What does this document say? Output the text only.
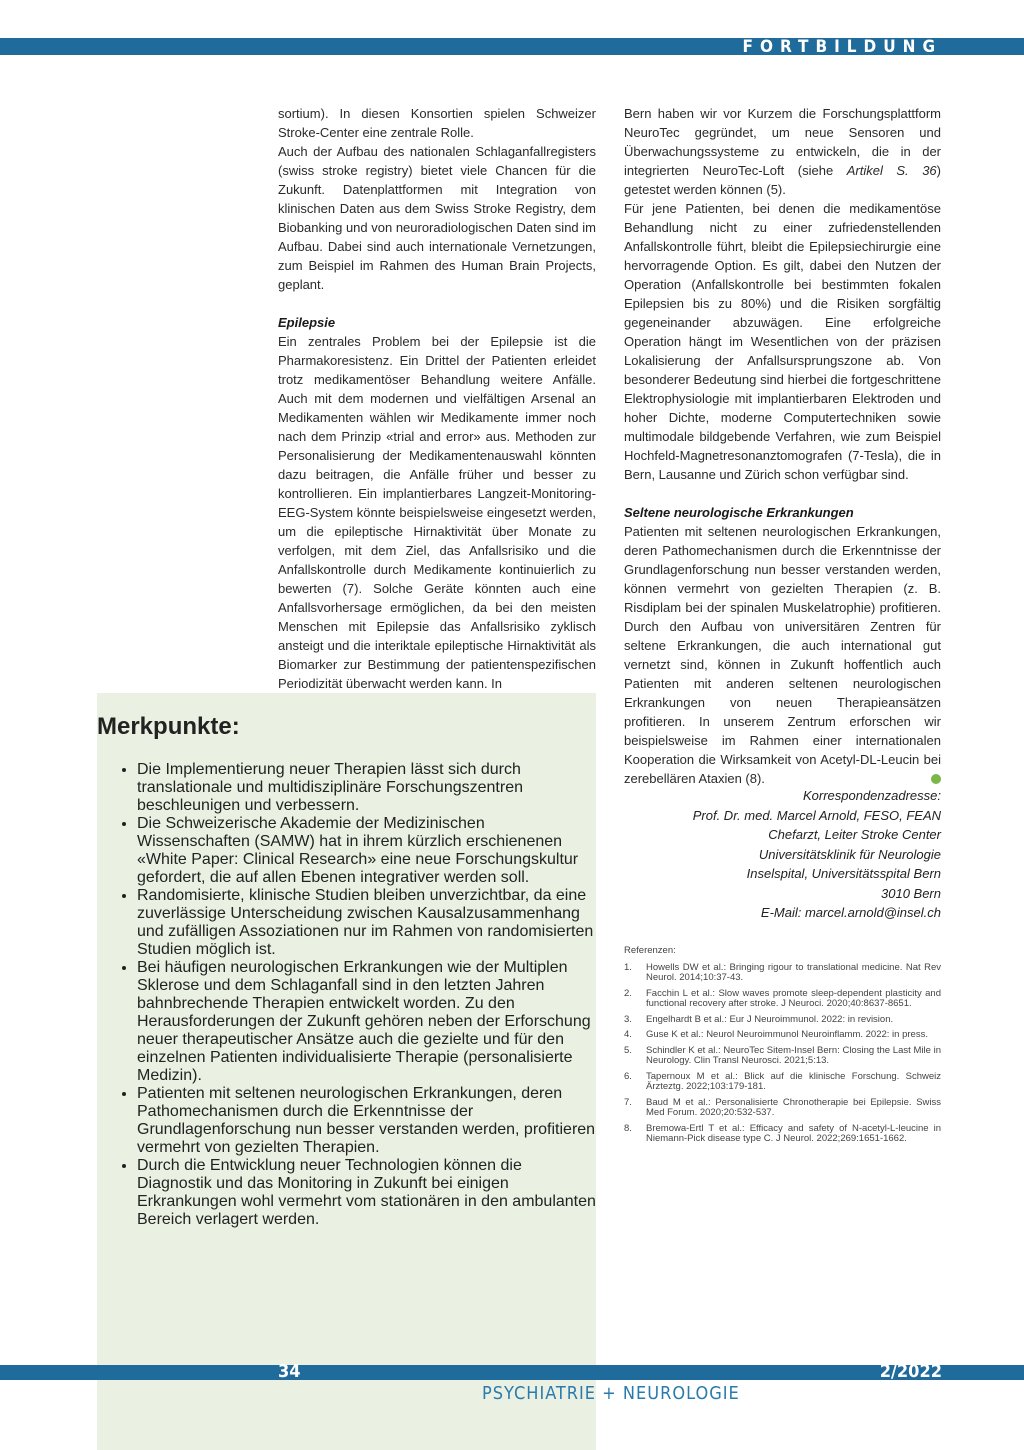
FORTBILDUNG

sortium). In diesen Konsortien spielen Schweizer Stroke-Center eine zentrale Rolle.

Auch der Aufbau des nationalen Schlaganfallregisters (swiss stroke registry) bietet viele Chancen für die Zukunft. Datenplattformen mit Integration von klinischen Daten aus dem Swiss Stroke Registry, dem Biobanking und von neuroradiologischen Daten sind im Aufbau. Dabei sind auch internationale Vernetzungen, zum Beispiel im Rahmen des Human Brain Projects, geplant.

Epilepsie

Ein zentrales Problem bei der Epilepsie ist die Pharmakoresistenz. Ein Drittel der Patienten erleidet trotz medikamentöser Behandlung weitere Anfälle. Auch mit dem modernen und vielfältigen Arsenal an Medikamenten wählen wir Medikamente immer noch nach dem Prinzip «trial and error» aus. Methoden zur Personalisierung der Medikamentenauswahl könnten dazu beitragen, die Anfälle früher und besser zu kontrollieren. Ein implantierbares Langzeit-Monitoring-EEG-System könnte beispielsweise eingesetzt werden, um die epileptische Hirnaktivität über Monate zu verfolgen, mit dem Ziel, das Anfallsrisiko und die Anfallskontrolle durch Medikamente kontinuierlich zu bewerten (7). Solche Geräte könnten auch eine Anfallsvorhersage ermöglichen, da bei den meisten Menschen mit Epilepsie das Anfallsrisiko zyklisch ansteigt und die interiktale epileptische Hirnaktivität als Biomarker zur Bestimmung der patientenspezifischen Periodizität überwacht werden kann. In

Bern haben wir vor Kurzem die Forschungsplattform NeuroTec gegründet, um neue Sensoren und Überwachungssysteme zu entwickeln, die in der integrierten NeuroTec-Loft (siehe Artikel S. 36) getestet werden können (5).

Für jene Patienten, bei denen die medikamentöse Behandlung nicht zu einer zufriedenstellenden Anfallskontrolle führt, bleibt die Epilepsiechirurgie eine hervorragende Option. Es gilt, dabei den Nutzen der Operation (Anfallskontrolle bei bestimmten fokalen Epilepsien bis zu 80%) und die Risiken sorgfältig gegeneinander abzuwägen. Eine erfolgreiche Operation hängt im Wesentlichen von der präzisen Lokalisierung der Anfallsursprungszone ab. Von besonderer Bedeutung sind hierbei die fortgeschrittene Elektrophysiologie mit implantierbaren Elektroden und hoher Dichte, moderne Computertechniken sowie multimodale bildgebende Verfahren, wie zum Beispiel Hochfeld-Magnetresonanztomografen (7-Tesla), die in Bern, Lausanne und Zürich schon verfügbar sind.

Seltene neurologische Erkrankungen

Patienten mit seltenen neurologischen Erkrankungen, deren Pathomechanismen durch die Erkenntnisse der Grundlagenforschung nun besser verstanden werden, können vermehrt von gezielten Therapien (z. B. Risdiplam bei der spinalen Muskelatrophie) profitieren. Durch den Aufbau von universitären Zentren für seltene Erkrankungen, die auch international gut vernetzt sind, können in Zukunft hoffentlich auch Patienten mit anderen seltenen neurologischen Erkrankungen von neuen Therapieansätzen profitieren. In unserem Zentrum erforschen wir beispielsweise im Rahmen einer internationalen Kooperation die Wirksamkeit von Acetyl-DL-Leucin bei zerebellären Ataxien (8).

Korrespondenzadresse:
Prof. Dr. med. Marcel Arnold, FESO, FEAN
Chefarzt, Leiter Stroke Center
Universitätsklinik für Neurologie
Inselspital, Universitätsspital Bern
3010 Bern
E-Mail: marcel.arnold@insel.ch
Referenzen:
1. Howells DW et al.: Bringing rigour to translational medicine. Nat Rev Neurol. 2014;10:37-43.
2. Facchin L et al.: Slow waves promote sleep-dependent plasticity and functional recovery after stroke. J Neuroci. 2020;40:8637-8651.
3. Engelhardt B et al.: Eur J Neuroimmunol. 2022: in revision.
4. Guse K et al.: Neurol Neuroimmunol Neuroinflamm. 2022: in press.
5. Schindler K et al.: NeuroTec Sitem-Insel Bern: Closing the Last Mile in Neurology. Clin Transl Neurosci. 2021;5:13.
6. Tapernoux M et al.: Blick auf die klinische Forschung. Schweiz Ärzteztg. 2022;103:179-181.
7. Baud M et al.: Personalisierte Chronotherapie bei Epilepsie. Swiss Med Forum. 2020;20:532-537.
8. Bremowa-Ertl T et al.: Efficacy and safety of N-acetyl-L-leucine in Niemann-Pick disease type C. J Neurol. 2022;269:1651-1662.
Merkpunkte:
• Die Implementierung neuer Therapien lässt sich durch translationale und multidisziplinäre Forschungszentren beschleunigen und verbessern.
• Die Schweizerische Akademie der Medizinischen Wissenschaften (SAMW) hat in ihrem kürzlich erschienenen «White Paper: Clinical Research» eine neue Forschungskultur gefordert, die auf allen Ebenen integrativer werden soll.
• Randomisierte, klinische Studien bleiben unverzichtbar, da eine zuverlässige Unterscheidung zwischen Kausalzusammenhang und zufälligen Assoziationen nur im Rahmen von randomisierten Studien möglich ist.
• Bei häufigen neurologischen Erkrankungen wie der Multiplen Sklerose und dem Schlaganfall sind in den letzten Jahren bahnbrechende Therapien entwickelt worden. Zu den Herausforderungen der Zukunft gehören neben der Erforschung neuer therapeutischer Ansätze auch die gezielte und für den einzelnen Patienten individualisierte Therapie (personalisierte Medizin).
• Patienten mit seltenen neurologischen Erkrankungen, deren Pathomechanismen durch die Erkenntnisse der Grundlagenforschung nun besser verstanden werden, profitieren vermehrt von gezielten Therapien.
• Durch die Entwicklung neuer Technologien können die Diagnostik und das Monitoring in Zukunft bei einigen Erkrankungen wohl vermehrt vom stationären in den ambulanten Bereich verlagert werden.
34	2/2022
PSYCHIATRIE + NEUROLOGIE
